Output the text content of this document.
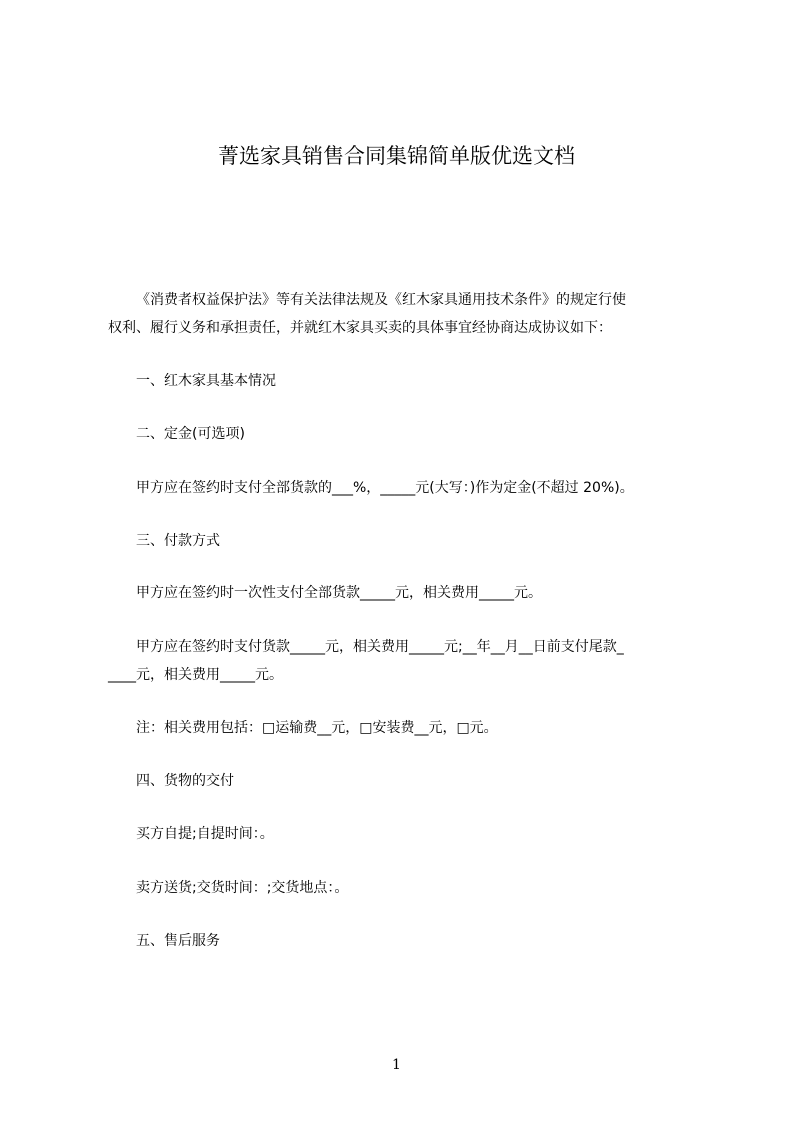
菁选家具销售合同集锦简单版优选文档
《消费者权益保护法》等有关法律法规及《红木家具通用技术条件》的规定行使
权利、履行义务和承担责任，并就红木家具买卖的具体事宜经协商达成协议如下：
一、红木家具基本情况
二、定金(可选项)
甲方应在签约时支付全部货款的___%，_____元(大写：)作为定金(不超过 20%)。
三、付款方式
甲方应在签约时一次性支付全部货款_____元，相关费用_____元。
甲方应在签约时支付货款_____元，相关费用_____元;__年__月__日前支付尾款_
____元，相关费用_____元。
注：相关费用包括：□运输费__元，□安装费__元，□元。
四、货物的交付
买方自提;自提时间：。
卖方送货;交货时间：;交货地点：。
五、售后服务
1
